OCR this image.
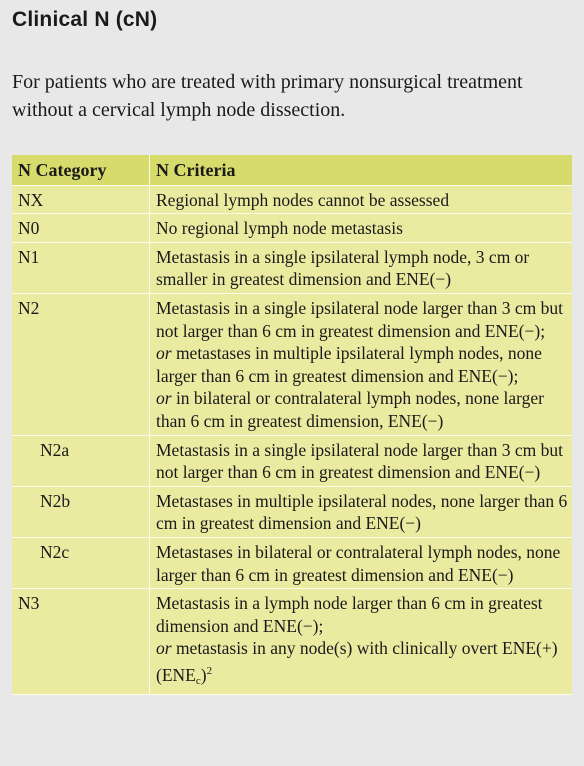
Clinical N (cN)
For patients who are treated with primary nonsurgical treatment without a cervical lymph node dissection.
N Category	N Criteria
NX	Regional lymph nodes cannot be assessed
N0	No regional lymph node metastasis
N1	Metastasis in a single ipsilateral lymph node, 3 cm or smaller in greatest dimension and ENE(−)
N2	Metastasis in a single ipsilateral node larger than 3 cm but not larger than 6 cm in greatest dimension and ENE(−);
or metastases in multiple ipsilateral lymph nodes, none larger than 6 cm in greatest dimension and ENE(−);
or in bilateral or contralateral lymph nodes, none larger than 6 cm in greatest dimension, ENE(−)

N2a	Metastasis in a single ipsilateral node larger than 3 cm but not larger than 6 cm in greatest dimension and ENE(−)
N2b	Metastases in multiple ipsilateral nodes, none larger than 6 cm in greatest dimension and ENE(−)
N2c	Metastases in bilateral or contralateral lymph nodes, none larger than 6 cm in greatest dimension and ENE(−)
N3	Metastasis in a lymph node larger than 6 cm in greatest dimension and ENE(−);
or metastasis in any node(s) with clinically overt ENE(+) (ENEc)$^2$
